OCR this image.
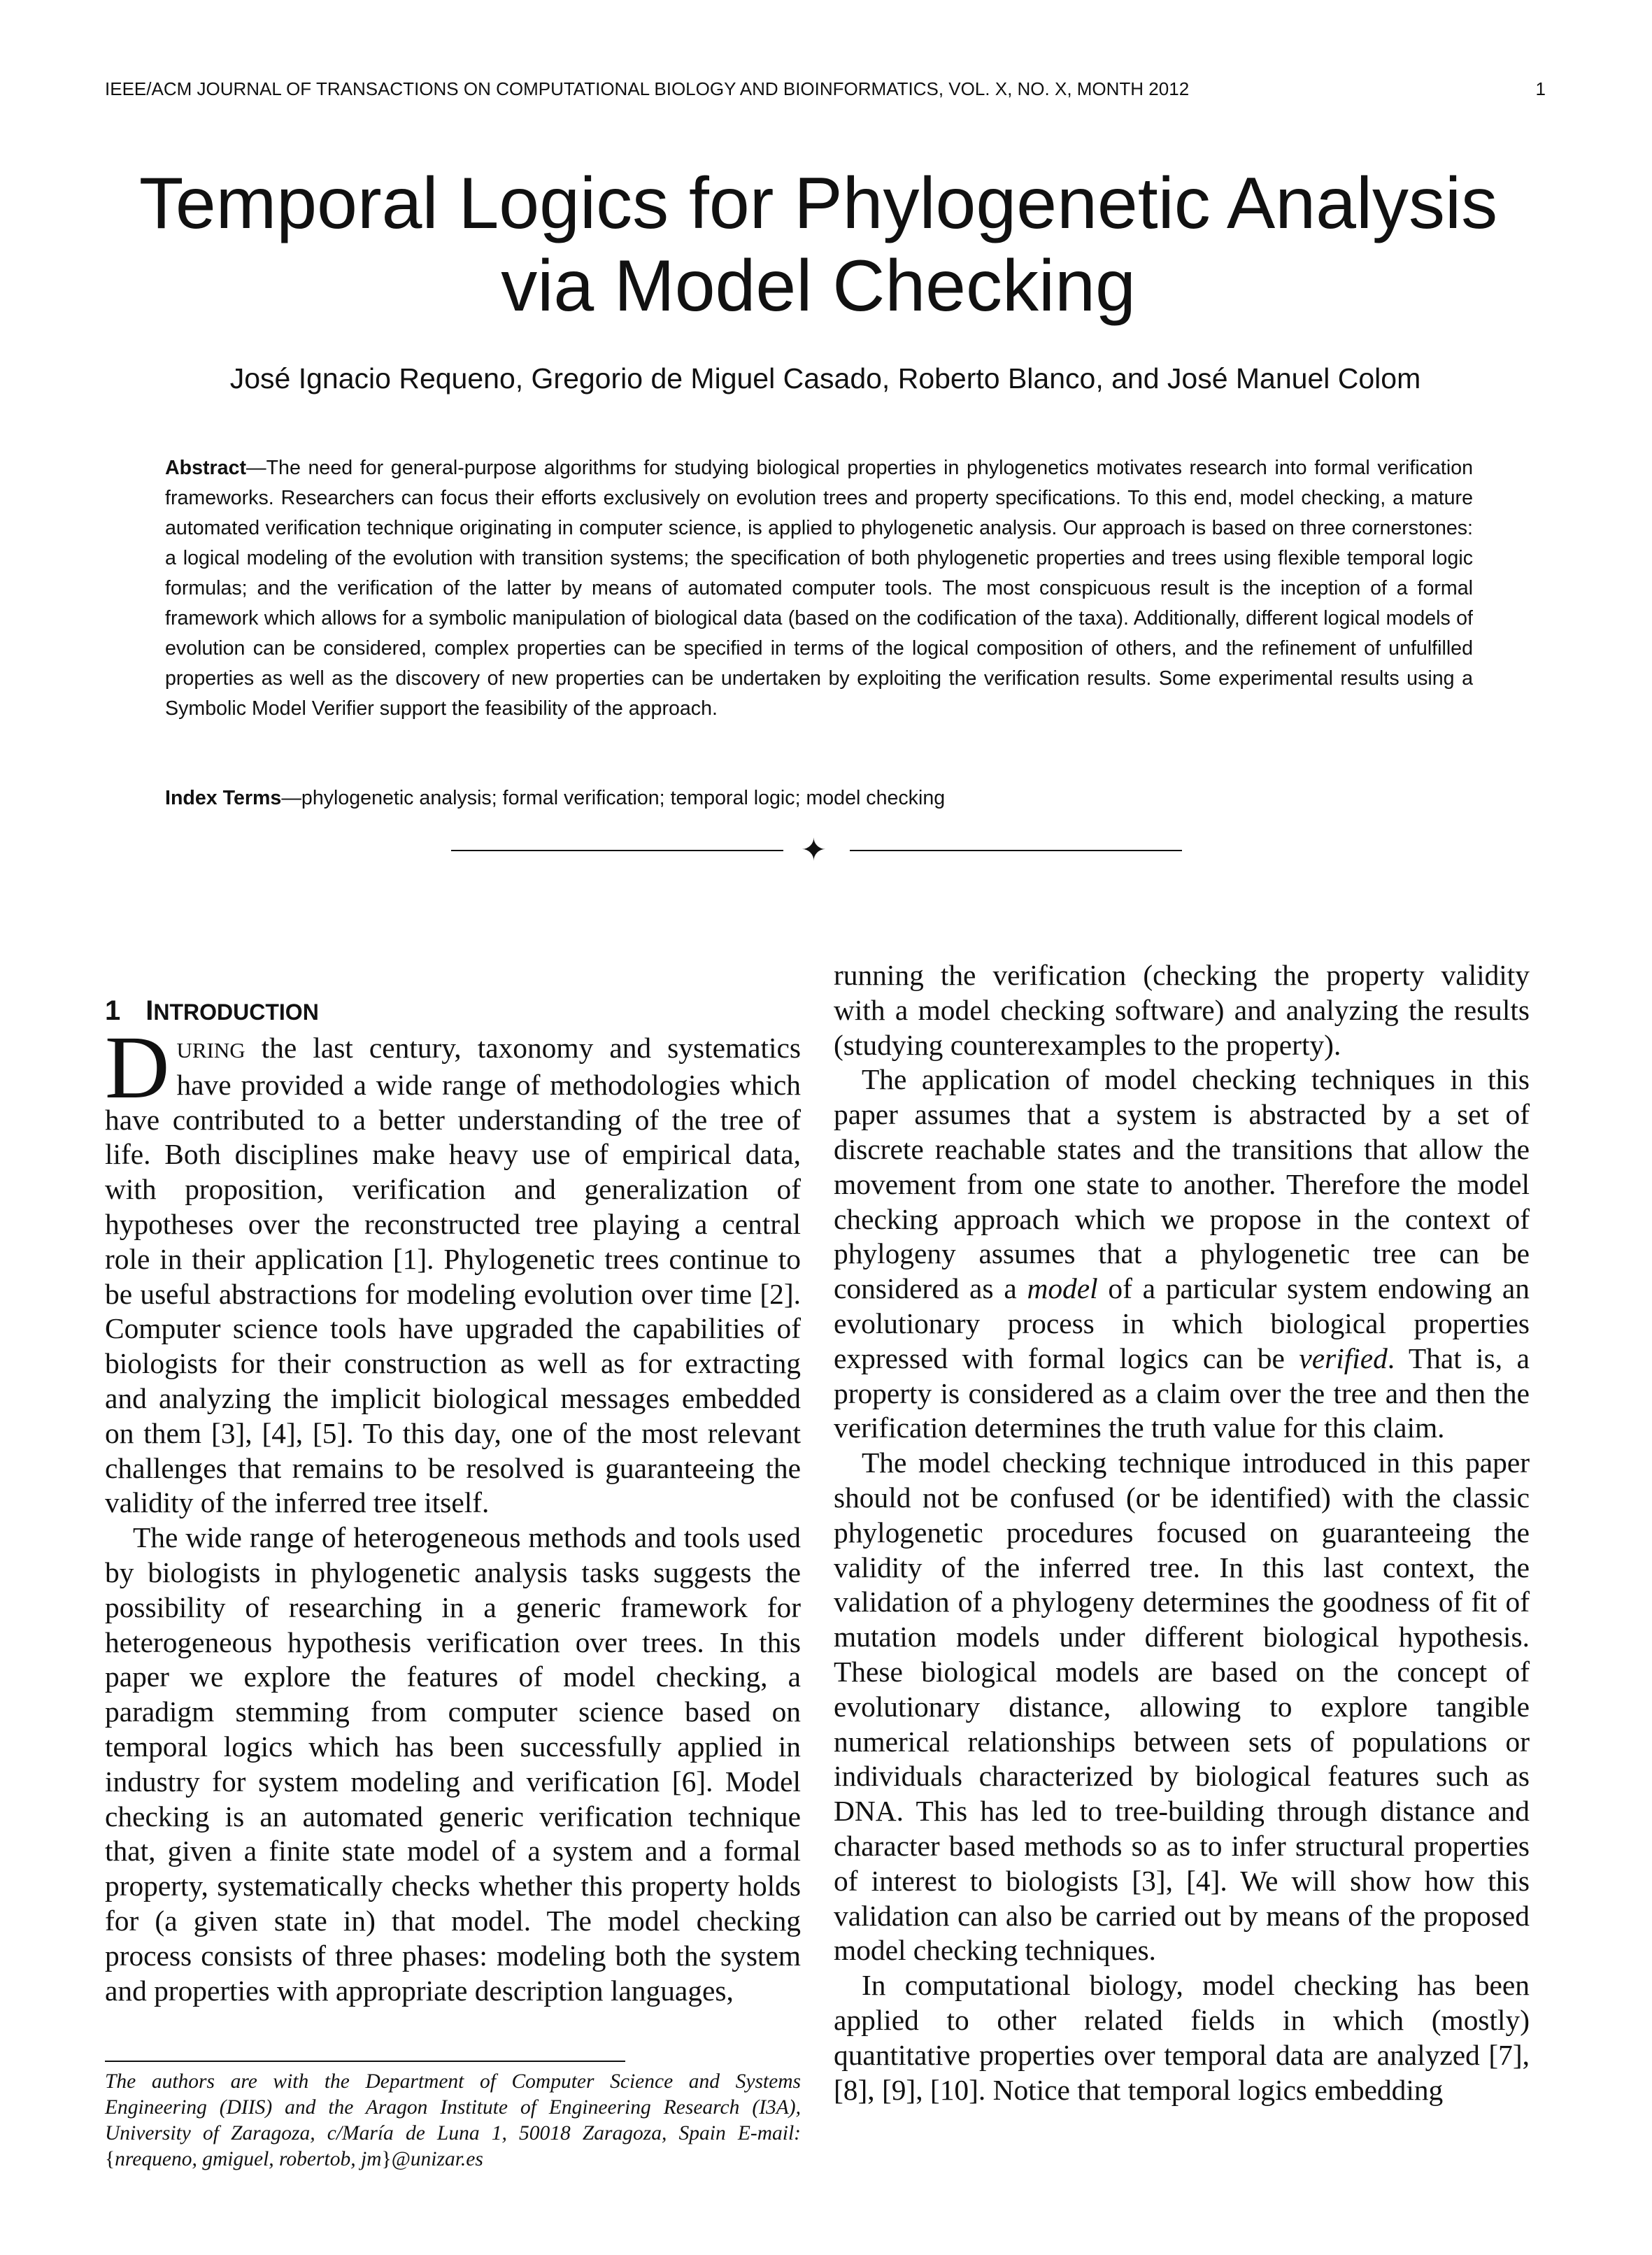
IEEE/ACM JOURNAL OF TRANSACTIONS ON COMPUTATIONAL BIOLOGY AND BIOINFORMATICS, VOL. X, NO. X, MONTH 2012	1
Temporal Logics for Phylogenetic Analysis via Model Checking
José Ignacio Requeno, Gregorio de Miguel Casado, Roberto Blanco, and José Manuel Colom

Abstract—The need for general-purpose algorithms for studying biological properties in phylogenetics motivates research into formal verification frameworks. Researchers can focus their efforts exclusively on evolution trees and property specifications. To this end, model checking, a mature automated verification technique originating in computer science, is applied to phylogenetic analysis. Our approach is based on three cornerstones: a logical modeling of the evolution with transition systems; the specification of both phylogenetic properties and trees using flexible temporal logic formulas; and the verification of the latter by means of automated computer tools. The most conspicuous result is the inception of a formal framework which allows for a symbolic manipulation of biological data (based on the codification of the taxa). Additionally, different logical models of evolution can be considered, complex properties can be specified in terms of the logical composition of others, and the refinement of unfulfilled properties as well as the discovery of new properties can be undertaken by exploiting the verification results. Some experimental results using a Symbolic Model Verifier support the feasibility of the approach.

Index Terms—phylogenetic analysis; formal verification; temporal logic; model checking

✦
1 INTRODUCTION

DURING the last century, taxonomy and systematics have provided a wide range of methodologies which have contributed to a better understanding of the tree of life. Both disciplines make heavy use of empirical data, with proposition, verification and generalization of hypotheses over the reconstructed tree playing a central role in their application [1]. Phylogenetic trees continue to be useful abstractions for modeling evolution over time [2]. Computer science tools have upgraded the capabilities of biologists for their construction as well as for extracting and analyzing the implicit biological messages embedded on them [3], [4], [5]. To this day, one of the most relevant challenges that remains to be resolved is guaranteeing the validity of the inferred tree itself.

The wide range of heterogeneous methods and tools used by biologists in phylogenetic analysis tasks suggests the possibility of researching in a generic framework for heterogeneous hypothesis verification over trees. In this paper we explore the features of model checking, a paradigm stemming from computer science based on temporal logics which has been successfully applied in industry for system modeling and verification [6]. Model checking is an automated generic verification technique that, given a finite state model of a system and a formal property, systematically checks whether this property holds for (a given state in) that model. The model checking process consists of three phases: modeling both the system and properties with appropriate description languages,

running the verification (checking the property validity with a model checking software) and analyzing the results (studying counterexamples to the property).

The application of model checking techniques in this paper assumes that a system is abstracted by a set of discrete reachable states and the transitions that allow the movement from one state to another. Therefore the model checking approach which we propose in the context of phylogeny assumes that a phylogenetic tree can be considered as a model of a particular system endowing an evolutionary process in which biological properties expressed with formal logics can be verified. That is, a property is considered as a claim over the tree and then the verification determines the truth value for this claim.

The model checking technique introduced in this paper should not be confused (or be identified) with the classic phylogenetic procedures focused on guaranteeing the validity of the inferred tree. In this last context, the validation of a phylogeny determines the goodness of fit of mutation models under different biological hypothesis. These biological models are based on the concept of evolutionary distance, allowing to explore tangible numerical relationships between sets of populations or individuals characterized by biological features such as DNA. This has led to tree-building through distance and character based methods so as to infer structural properties of interest to biologists [3], [4]. We will show how this validation can also be carried out by means of the proposed model checking techniques.

In computational biology, model checking has been applied to other related fields in which (mostly) quantitative properties over temporal data are analyzed [7], [8], [9], [10]. Notice that temporal logics embedding

The authors are with the Department of Computer Science and Systems Engineering (DIIS) and the Aragon Institute of Engineering Research (I3A), University of Zaragoza, c/María de Luna 1, 50018 Zaragoza, Spain E-mail: {nrequeno, gmiguel, robertob, jm}@unizar.es
